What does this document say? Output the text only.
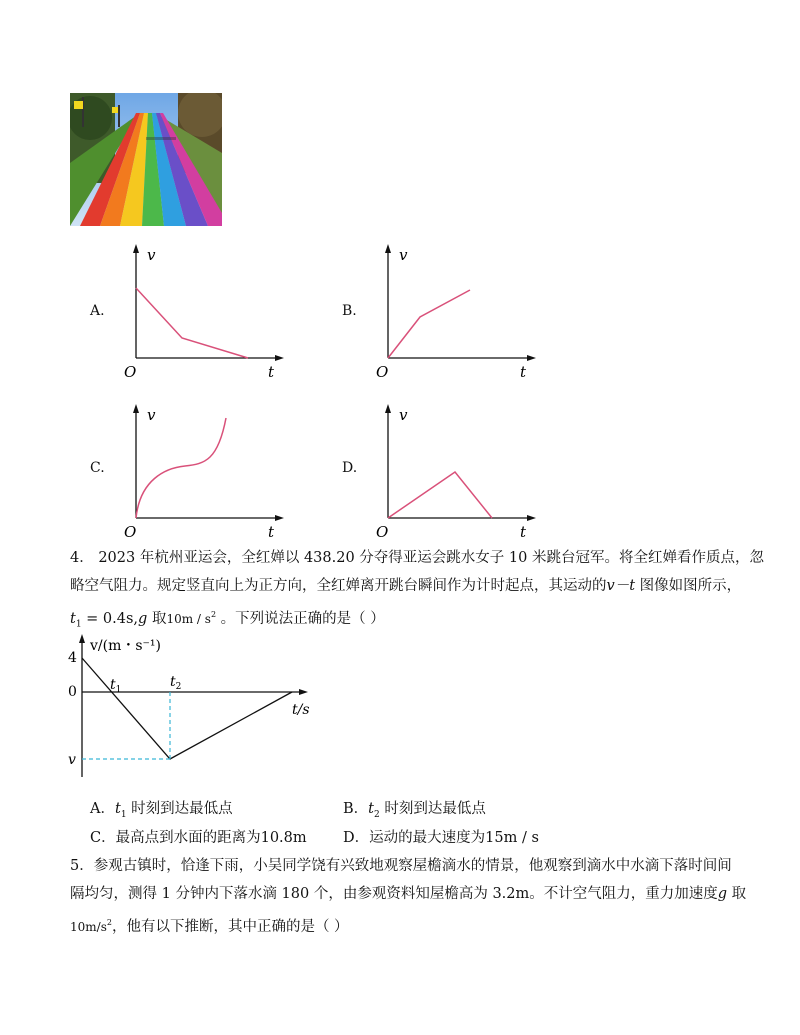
A.
v
t
O
B.
v
t
O
C.
v
t
O
D.
v
t
O
4． 2023 年杭州亚运会，全红婵以 438.20 分夺得亚运会跳水女子 10 米跳台冠军。将全红婵看作质点，忽
略空气阻力。规定竖直向上为正方向，全红婵离开跳台瞬间作为计时起点，其运动的v－t 图像如图所示，
$t_1 = 0.4s,g$ 取$10m / s^2$ 。下列说法正确的是（ ）
v/(m・s⁻¹)
4
0
v
$t_1$	$t_2$
t/s
A．$t_1$ 时刻到达最低点	B．$t_2$ 时刻到达最低点
C．最高点到水面的距离为10.8m	D．运动的最大速度为15m / s
5．参观古镇时，恰逢下雨，小吴同学饶有兴致地观察屋檐滴水的情景，他观察到滴水中水滴下落时间间
隔均匀，测得 1 分钟内下落水滴 180 个，由参观资料知屋檐高为 3.2m。不计空气阻力，重力加速度g 取
$10m/s^2$，他有以下推断，其中正确的是（ ）
